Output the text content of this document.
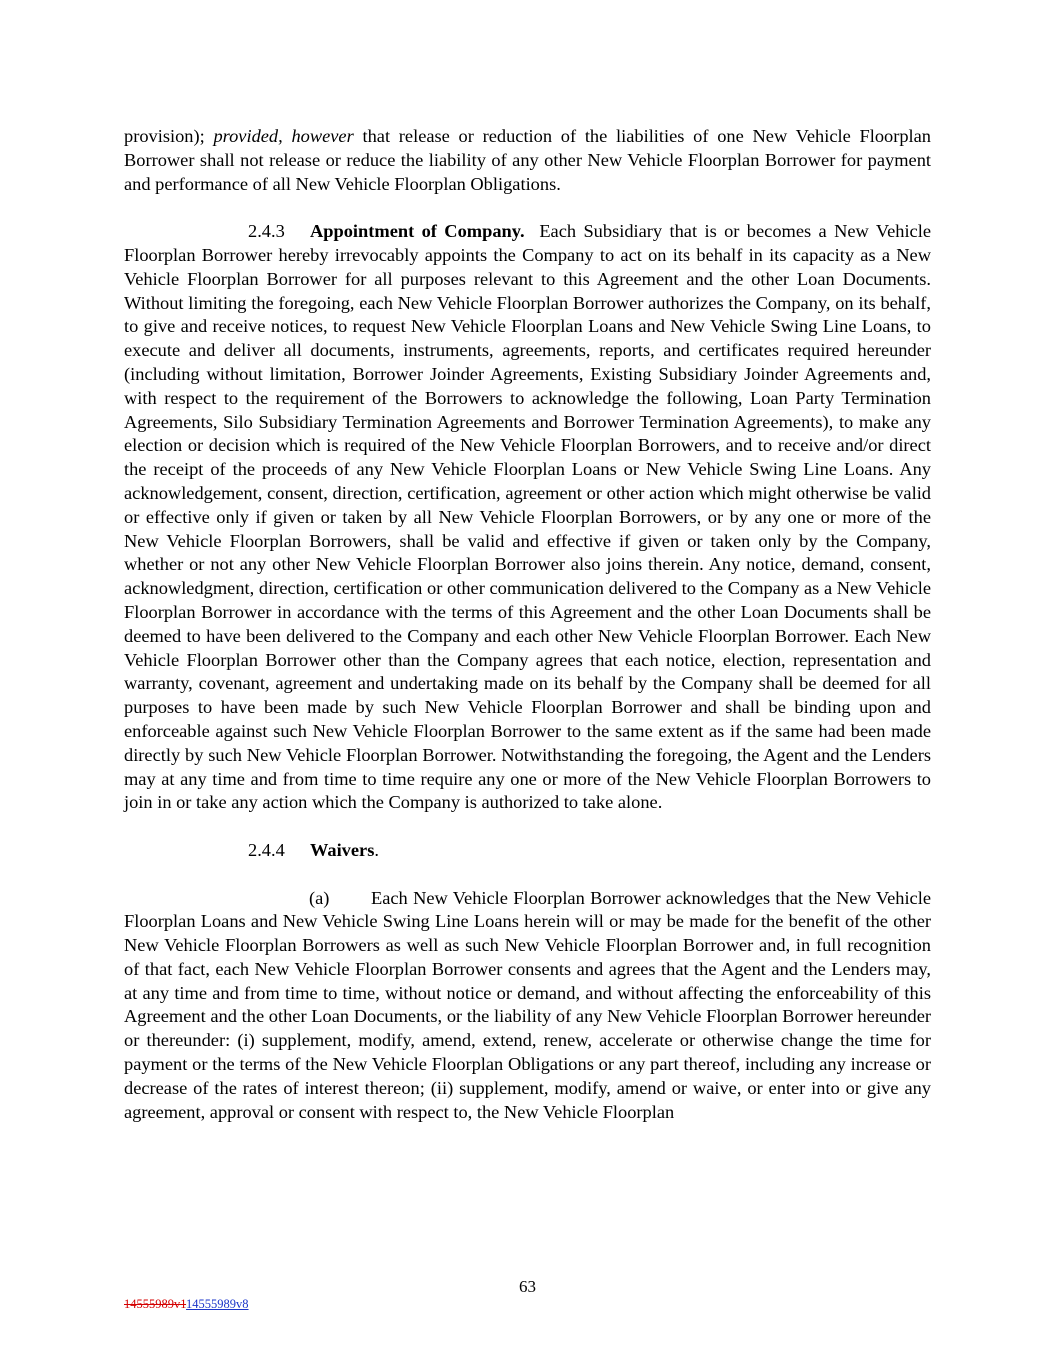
provision); provided, however that release or reduction of the liabilities of one New Vehicle Floorplan Borrower shall not release or reduce the liability of any other New Vehicle Floorplan Borrower for payment and performance of all New Vehicle Floorplan Obligations.

2.4.3 Appointment of Company. Each Subsidiary that is or becomes a New Vehicle Floorplan Borrower hereby irrevocably appoints the Company to act on its behalf in its capacity as a New Vehicle Floorplan Borrower for all purposes relevant to this Agreement and the other Loan Documents. Without limiting the foregoing, each New Vehicle Floorplan Borrower authorizes the Company, on its behalf, to give and receive notices, to request New Vehicle Floorplan Loans and New Vehicle Swing Line Loans, to execute and deliver all documents, instruments, agreements, reports, and certificates required hereunder (including without limitation, Borrower Joinder Agreements, Existing Subsidiary Joinder Agreements and, with respect to the requirement of the Borrowers to acknowledge the following, Loan Party Termination Agreements, Silo Subsidiary Termination Agreements and Borrower Termination Agreements), to make any election or decision which is required of the New Vehicle Floorplan Borrowers, and to receive and/or direct the receipt of the proceeds of any New Vehicle Floorplan Loans or New Vehicle Swing Line Loans. Any acknowledgement, consent, direction, certification, agreement or other action which might otherwise be valid or effective only if given or taken by all New Vehicle Floorplan Borrowers, or by any one or more of the New Vehicle Floorplan Borrowers, shall be valid and effective if given or taken only by the Company, whether or not any other New Vehicle Floorplan Borrower also joins therein. Any notice, demand, consent, acknowledgment, direction, certification or other communication delivered to the Company as a New Vehicle Floorplan Borrower in accordance with the terms of this Agreement and the other Loan Documents shall be deemed to have been delivered to the Company and each other New Vehicle Floorplan Borrower. Each New Vehicle Floorplan Borrower other than the Company agrees that each notice, election, representation and warranty, covenant, agreement and undertaking made on its behalf by the Company shall be deemed for all purposes to have been made by such New Vehicle Floorplan Borrower and shall be binding upon and enforceable against such New Vehicle Floorplan Borrower to the same extent as if the same had been made directly by such New Vehicle Floorplan Borrower. Notwithstanding the foregoing, the Agent and the Lenders may at any time and from time to time require any one or more of the New Vehicle Floorplan Borrowers to join in or take any action which the Company is authorized to take alone.

2.4.4 Waivers.

(a) Each New Vehicle Floorplan Borrower acknowledges that the New Vehicle Floorplan Loans and New Vehicle Swing Line Loans herein will or may be made for the benefit of the other New Vehicle Floorplan Borrowers as well as such New Vehicle Floorplan Borrower and, in full recognition of that fact, each New Vehicle Floorplan Borrower consents and agrees that the Agent and the Lenders may, at any time and from time to time, without notice or demand, and without affecting the enforceability of this Agreement and the other Loan Documents, or the liability of any New Vehicle Floorplan Borrower hereunder or thereunder: (i) supplement, modify, amend, extend, renew, accelerate or otherwise change the time for payment or the terms of the New Vehicle Floorplan Obligations or any part thereof, including any increase or decrease of the rates of interest thereon; (ii) supplement, modify, amend or waive, or enter into or give any agreement, approval or consent with respect to, the New Vehicle Floorplan

63
14555989v114555989v8
